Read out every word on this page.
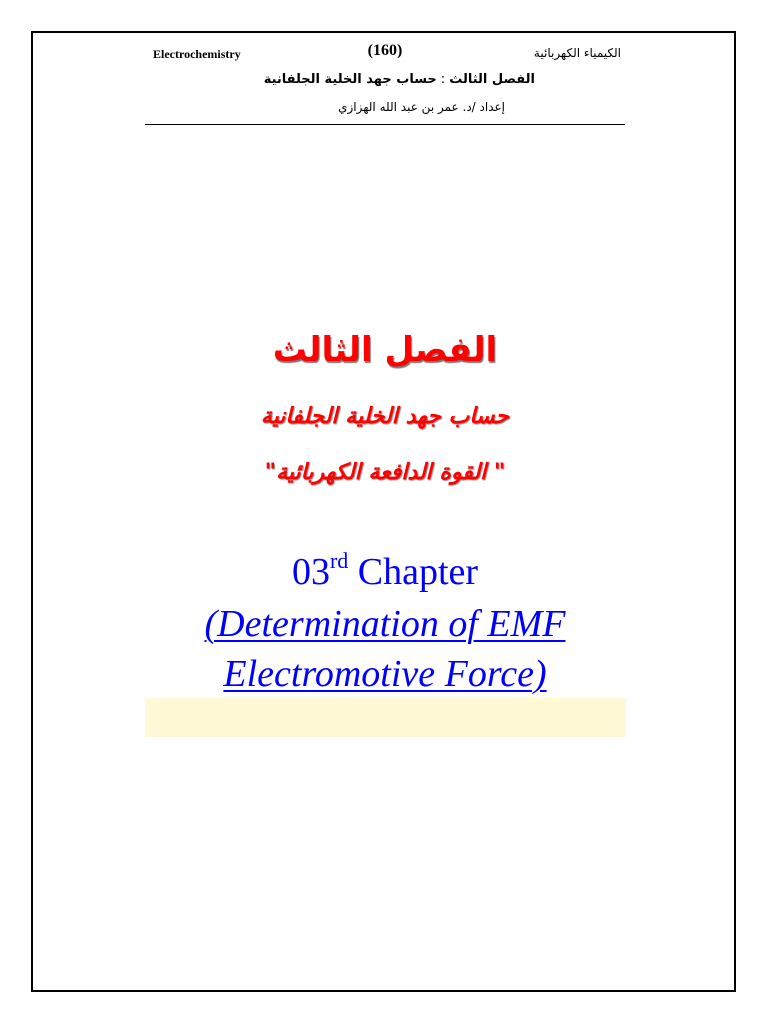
Electrochemistry	(160)	الكيمياء الكهربائية
الفصل الثالث:حساب جهد الخلية الجلفانية
إعداد /د. عمر بن عبد الله الهزازي
الفصل الثالث
حساب جهد الخلية الجلفانية
" القوة الدافعة الكهربائية"
03rd Chapter
(Determination of EMF
Electromotive Force)
